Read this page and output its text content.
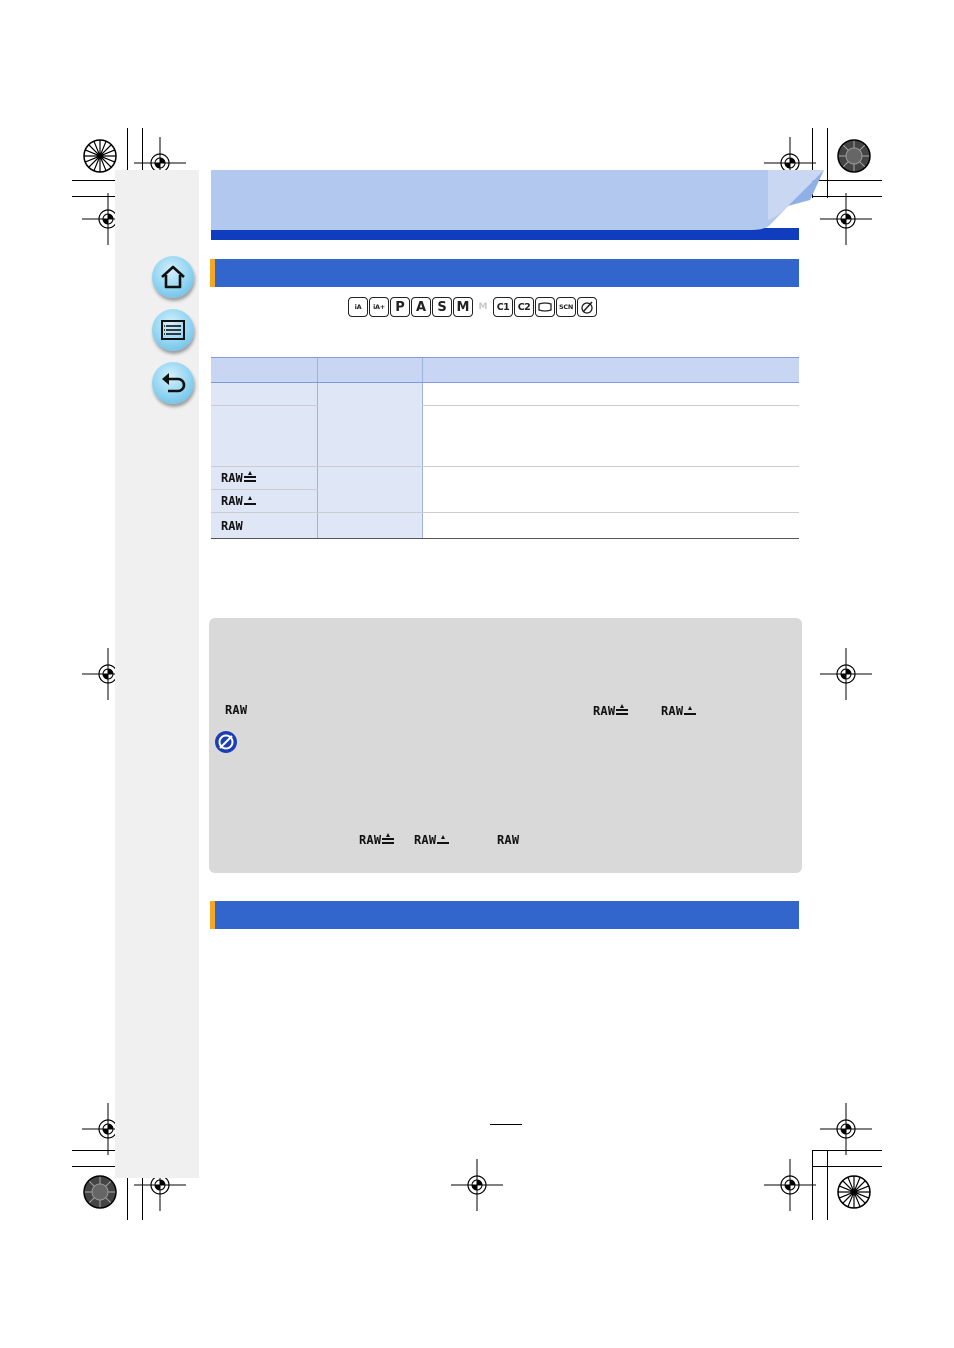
iA	iA+ P A S M	M C1 C2	SCN

RAW		
RAW		
RAW		
RAW	RAW	RAW
RAW	RAW	RAW
